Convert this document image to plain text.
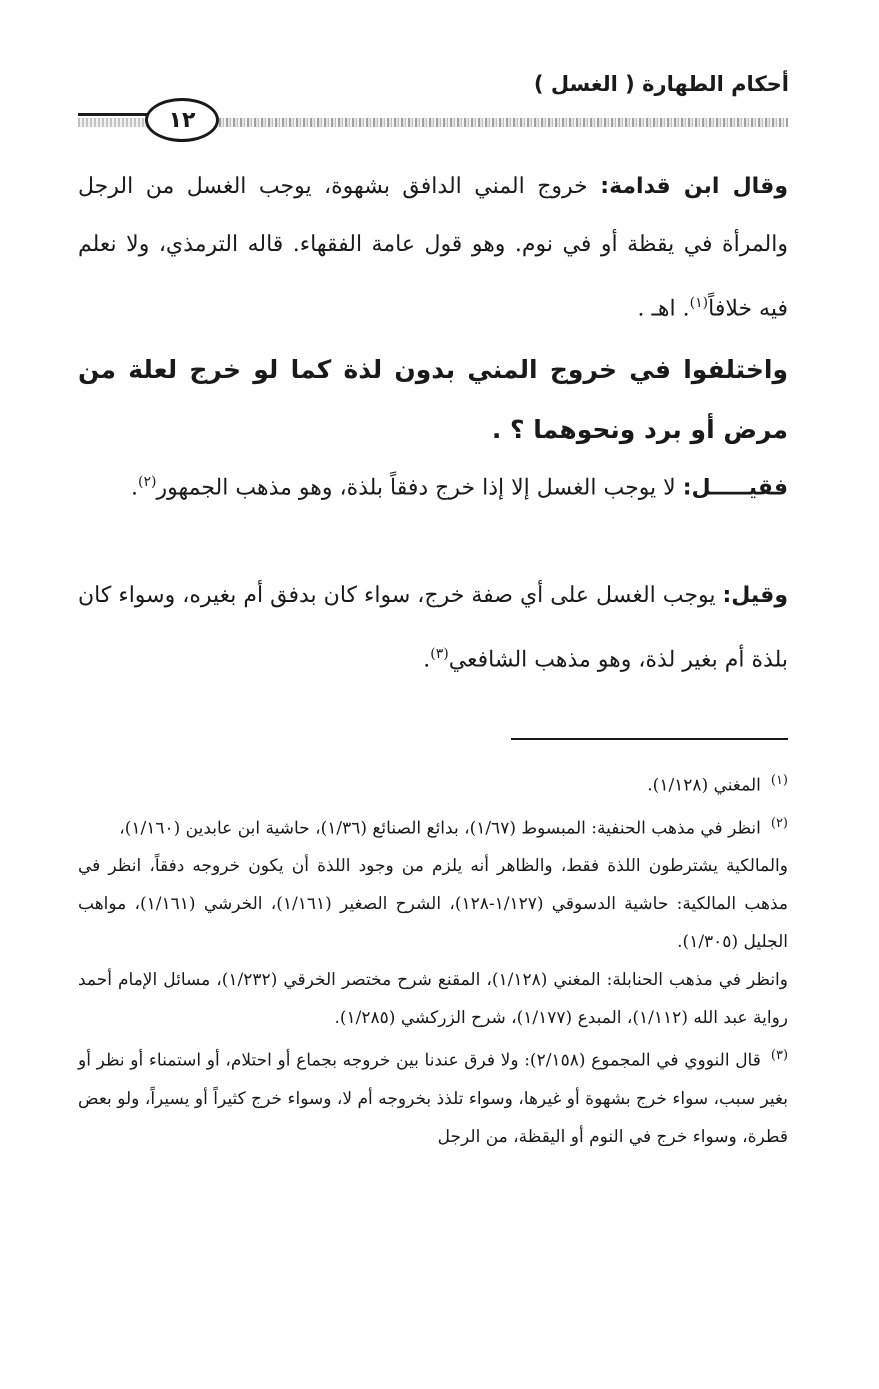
أحكام الطهارة ( الغسل )
١٢
وقال ابن قدامة: خروج المني الدافق بشهوة، يوجب الغسل من الرجل والمرأة في يقظة أو في نوم. وهو قول عامة الفقهاء. قاله الترمذي، ولا نعلم فيه خلافاً$^{(١)}$. اهـ .
واختلفوا في خروج المني بدون لذة كما لو خرج لعلة من مرض أو برد ونحوهما ؟ .
فقيـــــل: لا يوجب الغسل إلا إذا خرج دفقاً بلذة، وهو مذهب الجمهور$^{(٢)}$.
وقيل: يوجب الغسل على أي صفة خرج، سواء كان بدفق أم بغيره، وسواء كان بلذة أم بغير لذة، وهو مذهب الشافعي$^{(٣)}$.

$^{(١)}$المغني (١/١٢٨).

$^{(٢)}$انظر في مذهب الحنفية: المبسوط (١/٦٧)، بدائع الصنائع (١/٣٦)، حاشية ابن عابدين (١/١٦٠)،

والمالكية يشترطون اللذة فقط، والظاهر أنه يلزم من وجود اللذة أن يكون خروجه دفقاً، انظر في مذهب المالكية: حاشية الدسوقي (١/١٢٧-١٢٨)، الشرح الصغير (١/١٦١)، الخرشي (١/١٦١)، مواهب الجليل (١/٣٠٥).

وانظر في مذهب الحنابلة: المغني (١/١٢٨)، المقنع شرح مختصر الخرقي (١/٢٣٢)، مسائل الإمام أحمد رواية عبد الله (١/١١٢)، المبدع (١/١٧٧)، شرح الزركشي (١/٢٨٥).

$^{(٣)}$قال النووي في المجموع (٢/١٥٨): ولا فرق عندنا بين خروجه بجماع أو احتلام، أو استمناء أو نظر أو بغير سبب، سواء خرج بشهوة أو غيرها، وسواء تلذذ بخروجه أم لا، وسواء خرج كثيراً أو يسيراً، ولو بعض قطرة، وسواء خرج في النوم أو اليقظة، من الرجل
